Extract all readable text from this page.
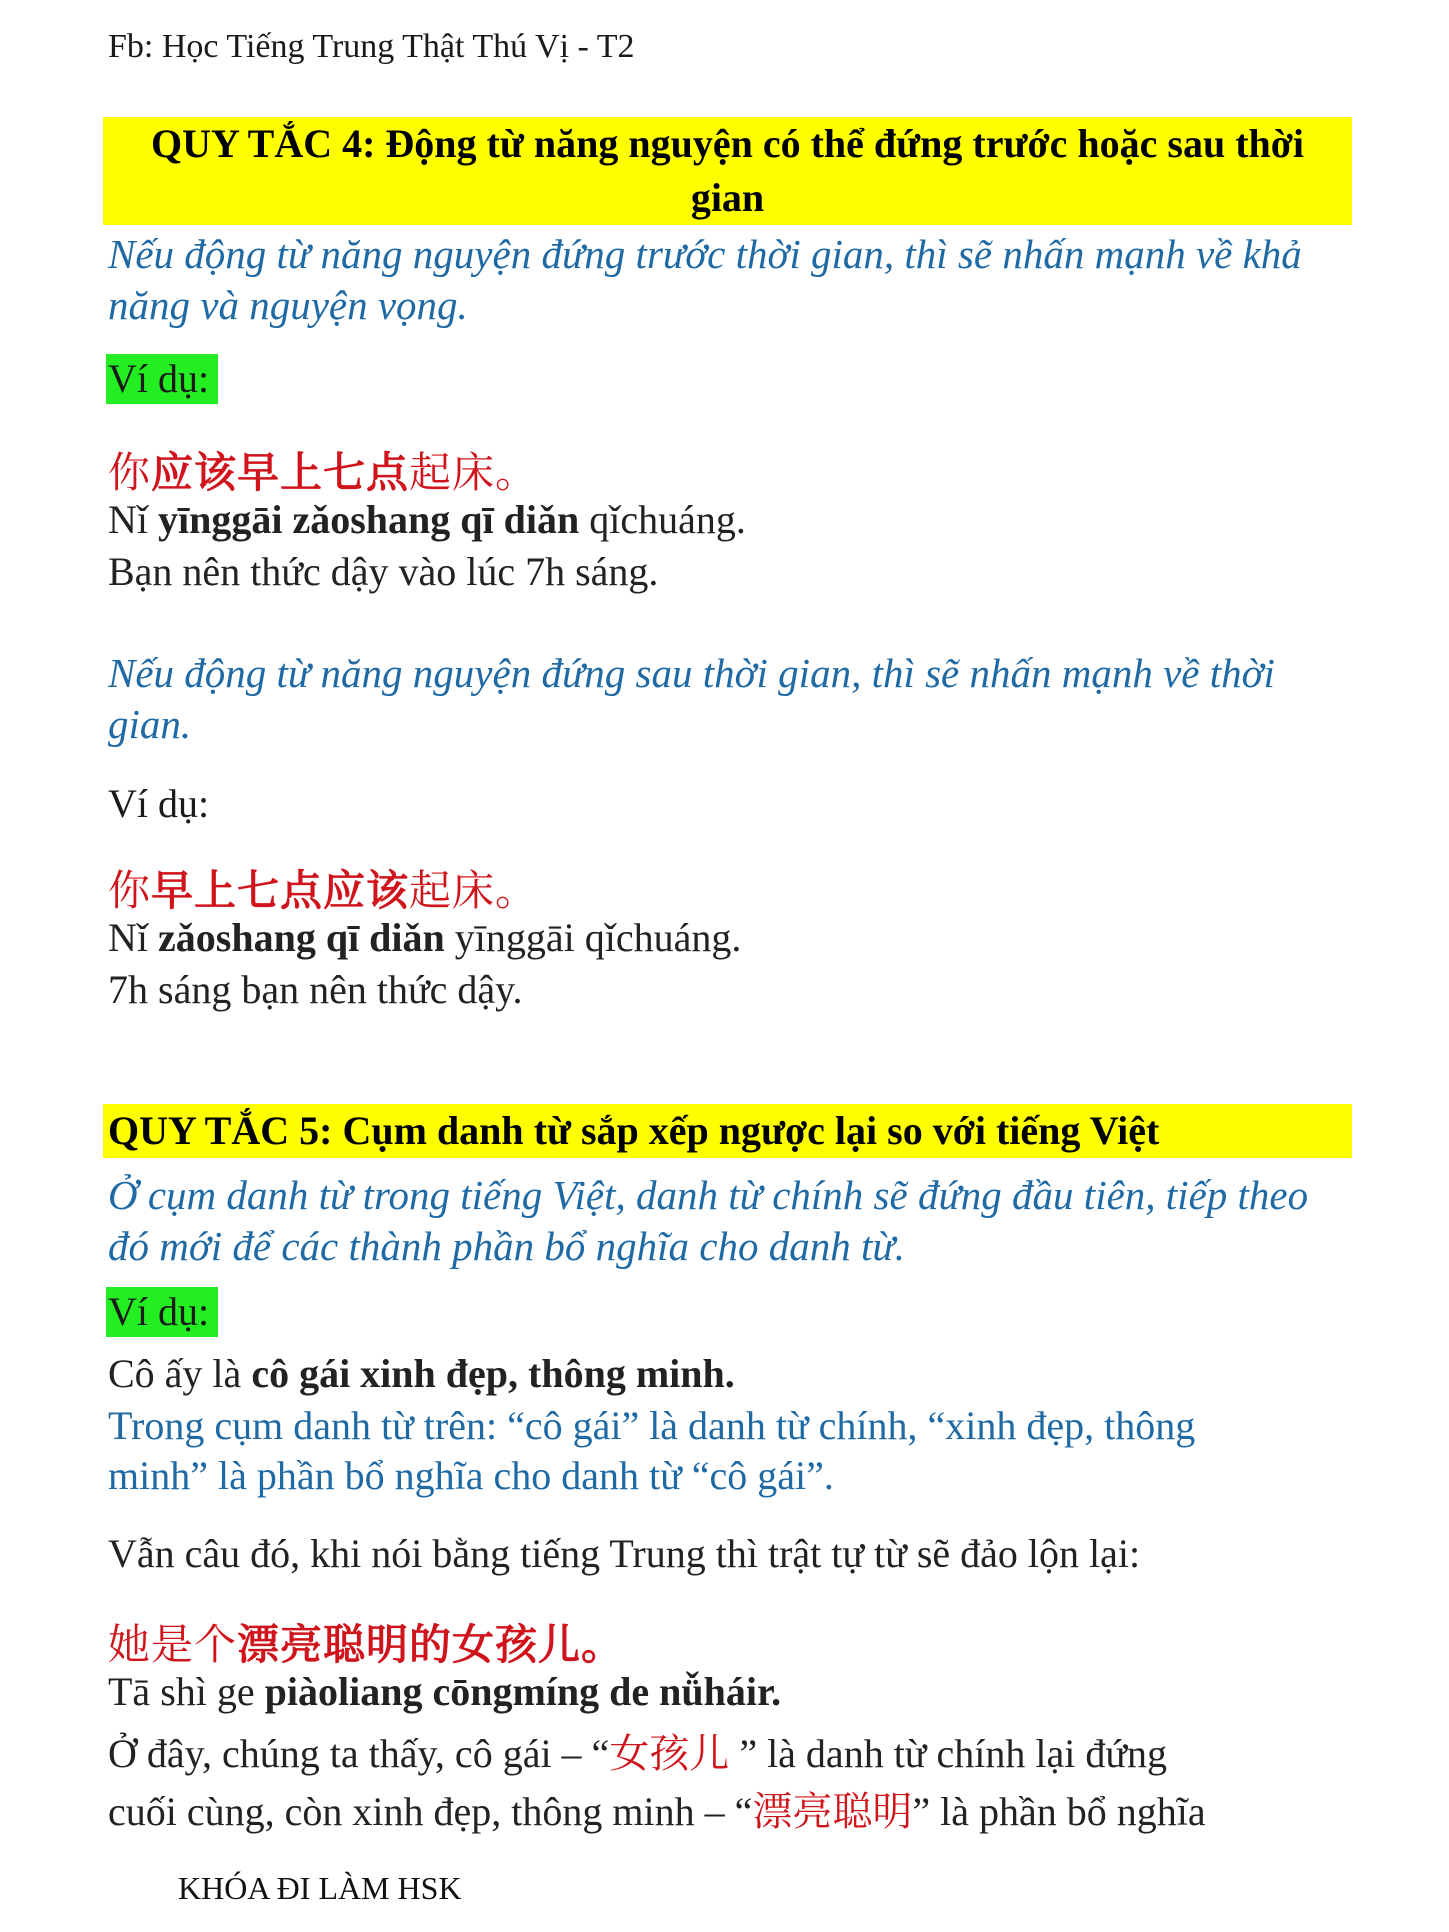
Fb: Học Tiếng Trung Thật Thú Vị - T2
QUY TẮC 4: Động từ năng nguyện có thể đứng trước hoặc sau thời gian
Nếu động từ năng nguyện đứng trước thời gian, thì sẽ nhấn mạnh về khả năng và nguyện vọng.
Ví dụ:
你应该早上七点起床。
Nǐ yīnggāi zǎoshang qī diǎn qǐchuáng.
Bạn nên thức dậy vào lúc 7h sáng.
Nếu động từ năng nguyện đứng sau thời gian, thì sẽ nhấn mạnh về thời gian.
Ví dụ:
你早上七点应该起床。
Nǐ zǎoshang qī diǎn yīnggāi qǐchuáng.
7h sáng bạn nên thức dậy.
QUY TẮC 5: Cụm danh từ sắp xếp ngược lại so với tiếng Việt
Ở cụm danh từ trong tiếng Việt, danh từ chính sẽ đứng đầu tiên, tiếp theo đó mới để các thành phần bổ nghĩa cho danh từ.
Ví dụ:
Cô ấy là cô gái xinh đẹp, thông minh.
Trong cụm danh từ trên: “cô gái” là danh từ chính, “xinh đẹp, thông
minh” là phần bổ nghĩa cho danh từ “cô gái”.
Vẫn câu đó, khi nói bằng tiếng Trung thì trật tự từ sẽ đảo lộn lại:
她是个漂亮聪明的女孩儿。
Tā shì ge piàoliang cōngmíng de nǚháir.
Ở đây, chúng ta thấy, cô gái – “女孩儿 ” là danh từ chính lại đứng
cuối cùng, còn xinh đẹp, thông minh – “漂亮聪明” là phần bổ nghĩa
KHÓA ĐI LÀM HSK
